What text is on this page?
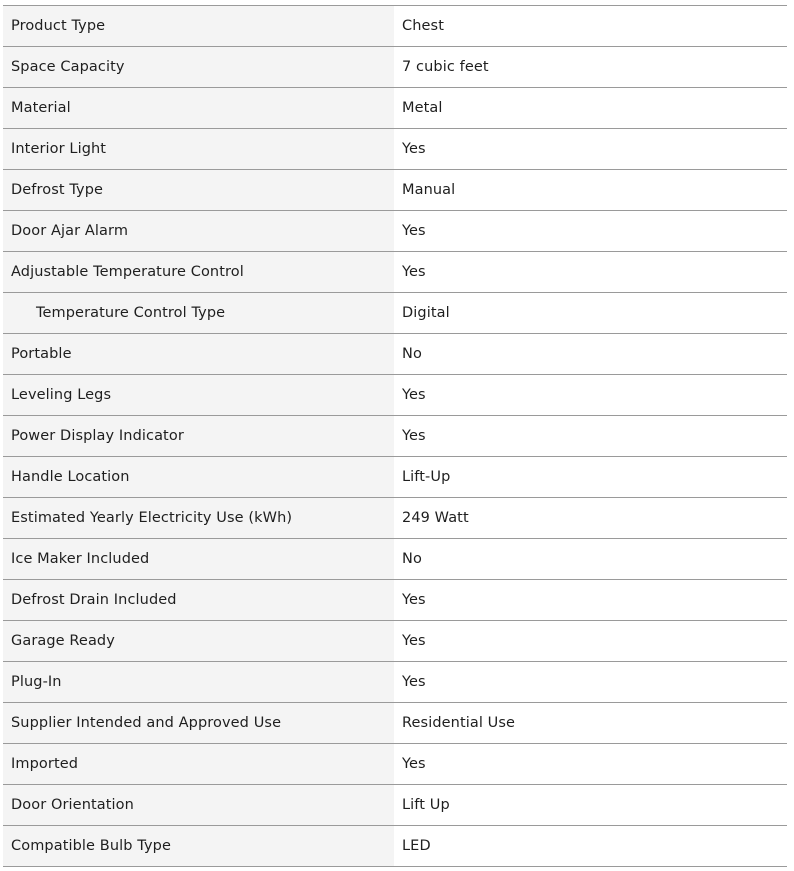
Product Type	Chest
Space Capacity	7 cubic feet
Material	Metal
Interior Light	Yes
Defrost Type	Manual
Door Ajar Alarm	Yes
Adjustable Temperature Control	Yes
Temperature Control Type	Digital
Portable	No
Leveling Legs	Yes
Power Display Indicator	Yes
Handle Location	Lift-Up
Estimated Yearly Electricity Use (kWh)	249 Watt
Ice Maker Included	No
Defrost Drain Included	Yes
Garage Ready	Yes
Plug-In	Yes
Supplier Intended and Approved Use	Residential Use
Imported	Yes
Door Orientation	Lift Up
Compatible Bulb Type	LED
